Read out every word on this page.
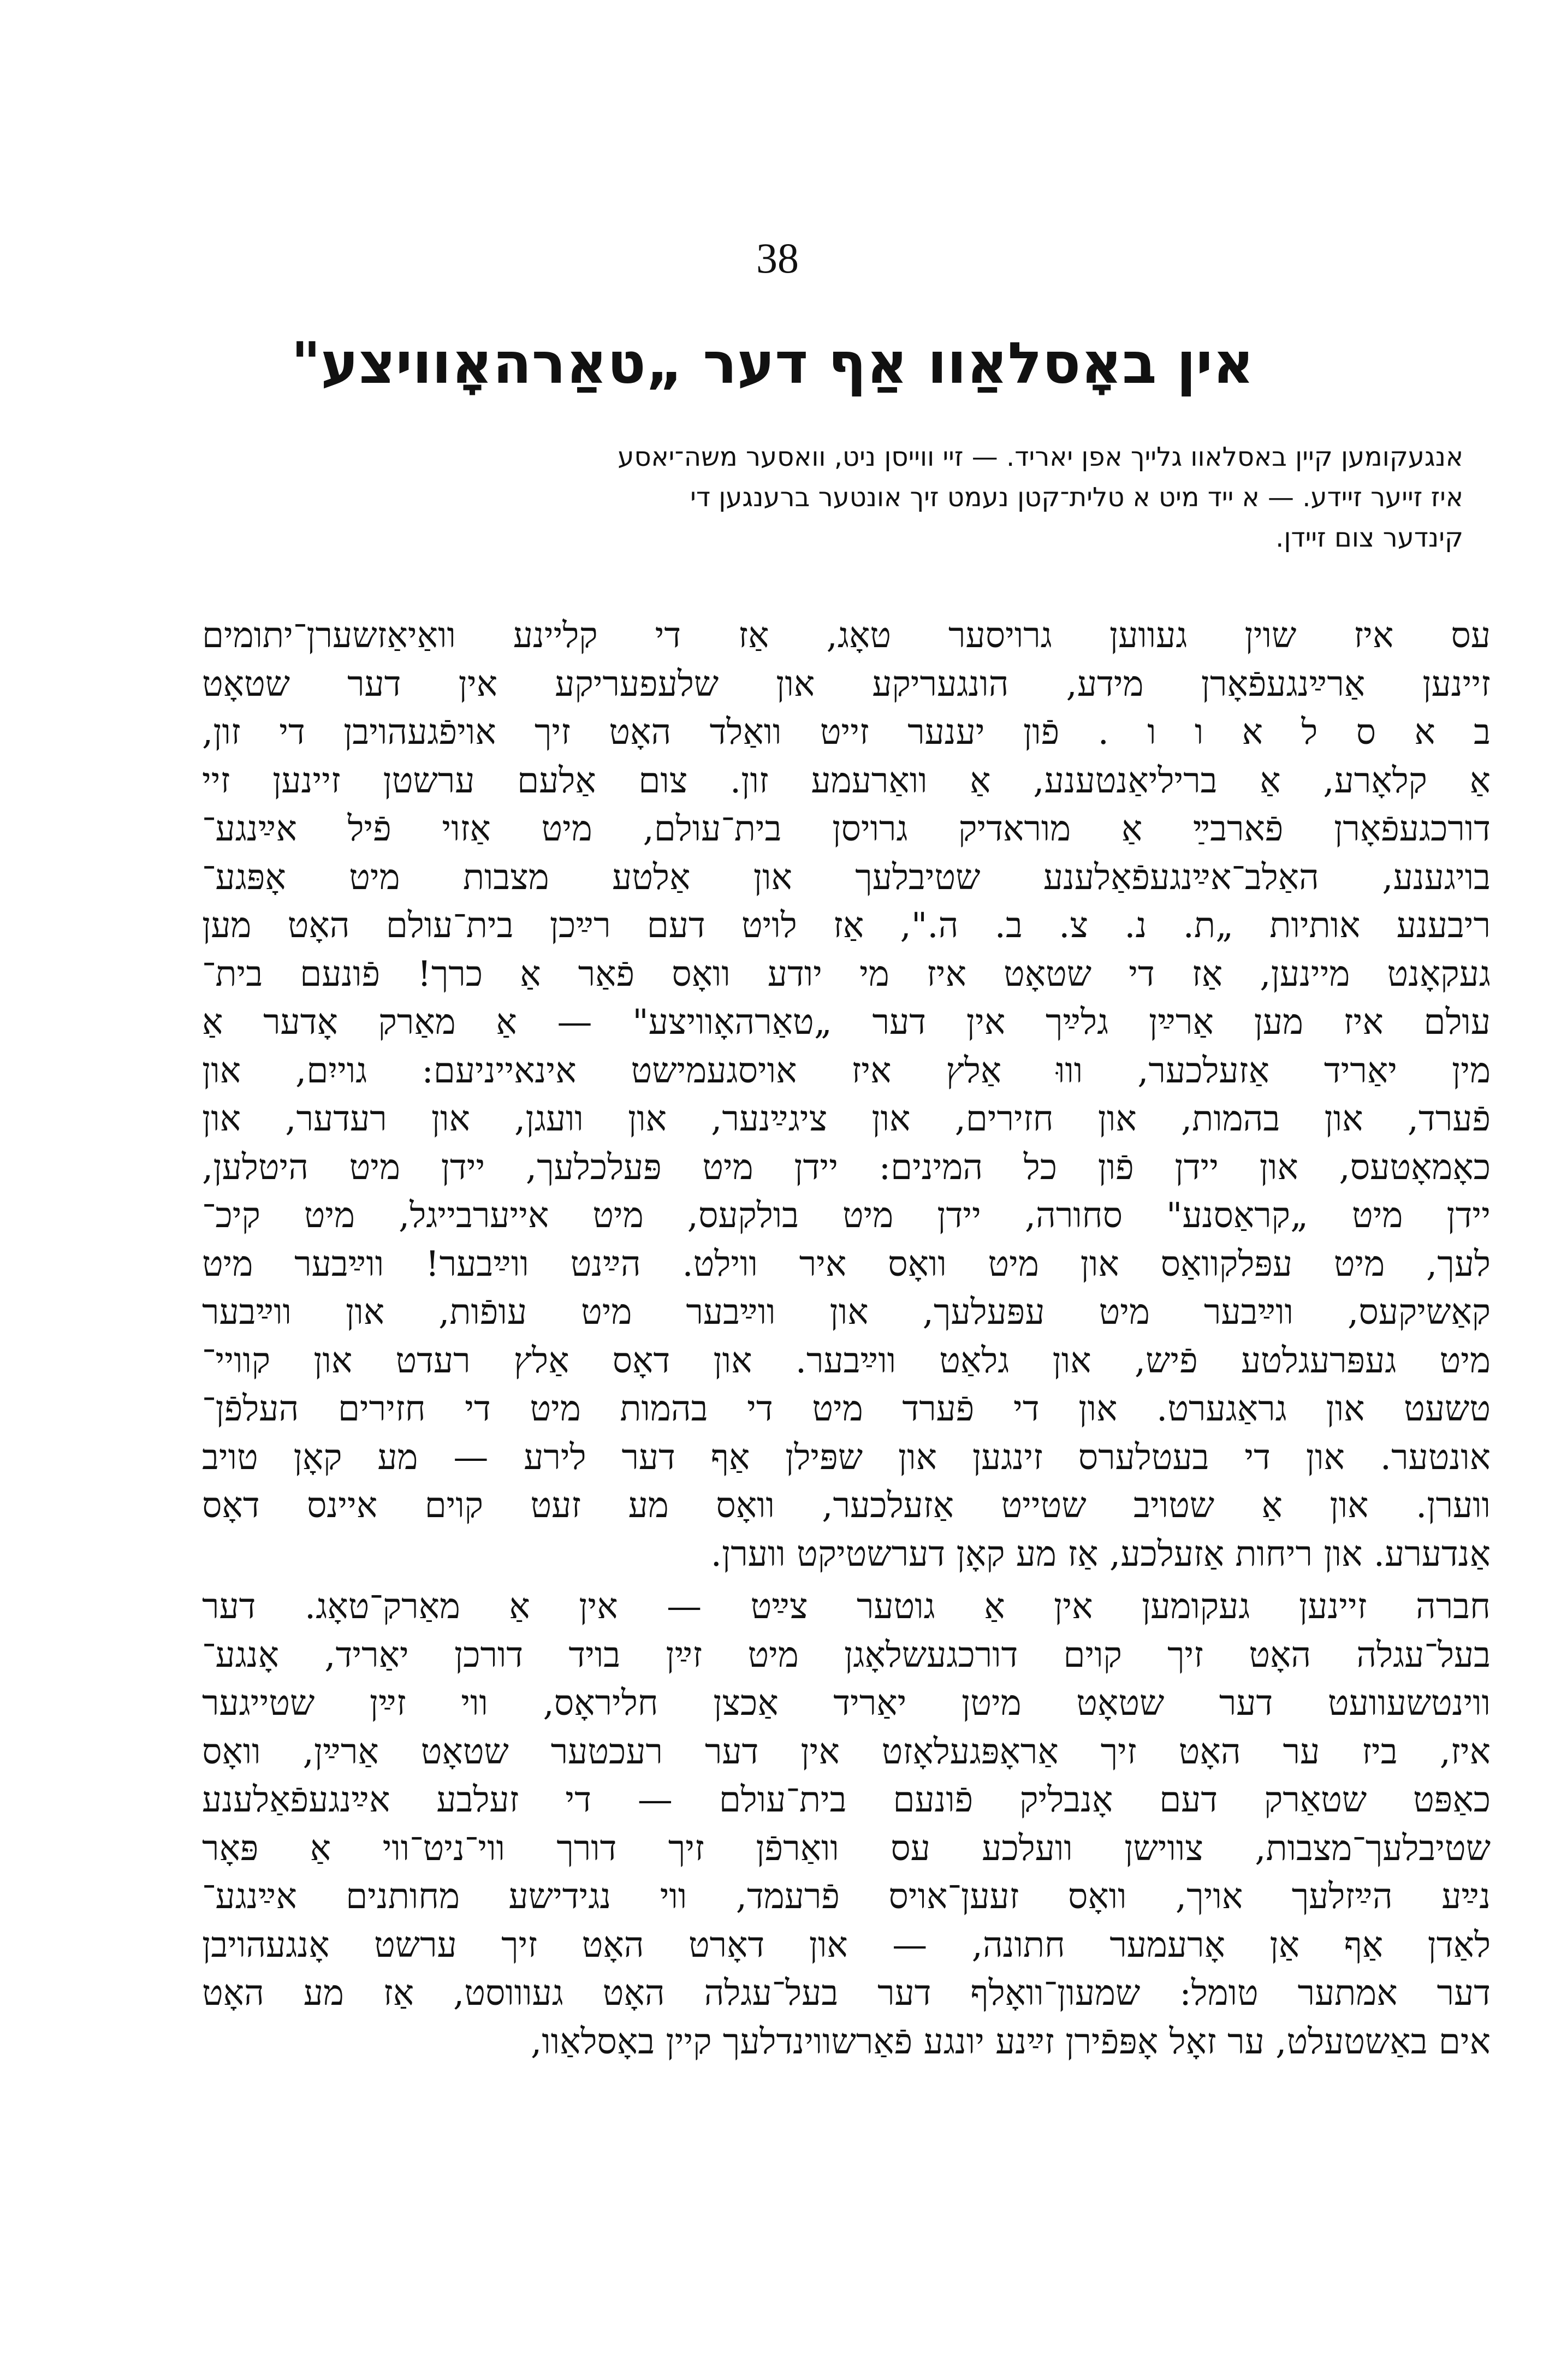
38
אין באָסלאַוו אַף דער „טאַרהאָוויצע"
אנגעקומען קיין באסלאוו גלייך אפן יאריד. — זיי ווייסן ניט, וואסער משה־יאסע
איז זייער זיידע. — א ייד מיט א טלית־קטן נעמט זיך אונטער ברענגען די
קינדער צום זיידן.
עס איז שוין געווען גרויסער טאָג, אַז די קליינע וואַיאַזשערן־יתומים
זיינען אַרײַנגעפֿאָרן מידע, הונגעריקע און שלעפעריקע אין דער שטאָט
ב א ס ל א ו ו . פֿון יענער זייט וואַלד האָט זיך אויפֿגעהויבן די זון,
אַ קלאָרע, אַ בריליאַנטענע, אַ וואַרעמע זון. צום אַלעם ערשטן זיינען זיי
דורכגעפֿאָרן פֿארבײַ אַ מוראדיק גרויסן בית־עולם, מיט אַזוי פֿיל אײַנגע־
בויגענע, האַלב־אײַנגעפֿאַלענע שטיבלעך און אַלטע מצבות מיט אָפּגע־
ריבענע אותיות „ת. נ. צ. ב. ה.", אַז לויט דעם רײַכן בית־עולם האָט מען
געקאָנט מיינען, אַז די שטאָט איז מי יודע וואָס פֿאַר אַ כרך! פֿונעם בית־
עולם איז מען אַרײַן גלײַך אין דער „טאַרהאָוויצע" — אַ מאַרק אָדער אַ
מין יאַריד אַזעלכער, וווּ אַלץ איז אויסגעמישט אינאייניעם: גוייִם, און
פֿערד, און בהמות, און חזירים, און ציגײַנער, און וועגן, און רעדער, און
כאָמאָטעס, און יידן פֿון כל המינים: יידן מיט פּעלכלעך, יידן מיט היטלען,
יידן מיט „קראַסנע" סחורה, יידן מיט בולקעס, מיט אייערבייגל, מיט קיכ־
לעך, מיט עפּלקוואַס און מיט וואָס איר ווילט. הײַנט ווײַבער! ווײַבער מיט
קאַשיקעס, ווײַבער מיט עפּעלעך, און ווײַבער מיט עופֿות, און ווײַבער
מיט געפּרעגלטע פֿיש, און גלאַט ווײַבער. און דאָס אַלץ רעדט און קוויי־
טשעט און גראַגערט. און די פֿערד מיט די בהמות מיט די חזירים העלפֿן־
אונטער. און די בעטלערס זינגען און שפּילן אַף דער לירע — מע קאָן טויב
ווערן. און אַ שטויב שטייט אַזעלכער, וואָס מע זעט קוים איינס דאָס
אַנדערע. און ריחות אַזעלכע, אַז מע קאָן דערשטיקט ווערן.
חברה זיינען געקומען אין אַ גוטער צײַט — אין אַ מאַרק־טאָג. דער
בעל־עגלה האָט זיך קוים דורכגעשלאָגן מיט זײַן בויד דורכן יאַריד, אָנגע־
ווינטשעוועט דער שטאָט מיטן יאַריד אַכצן חליראָס, ווי זײַן שטייגער
איז, ביז ער האָט זיך אַראָפּגעלאָזט אין דער רעכטער שטאָט אַרײַן, וואָס
כאַפּט שטאַרק דעם אָנבליק פֿונעם בית־עולם — די זעלבע אײַנגעפֿאַלענע
שטיבלעך־מצבות, צווישן וועלכע עס וואַרפֿן זיך דורך ווי־ניט־ווי אַ פּאָר
נײַע הײַזלעך אויך, וואָס זעען־אויס פֿרעמד, ווי נגידישע מחותנים אײַנגע־
לאַדן אַף אַן אָרעמער חתונה, — און דאָרט האָט זיך ערשט אָנגעהויבן
דער אמתער טומל: שמעון־וואָלף דער בעל־עגלה האָט געוווסט, אַז מע האָט
אים באַשטעלט, ער זאָל אָפּפֿירן זײַנע יונגע פֿאַרשווינדלעך קיין באָסלאַוו,
